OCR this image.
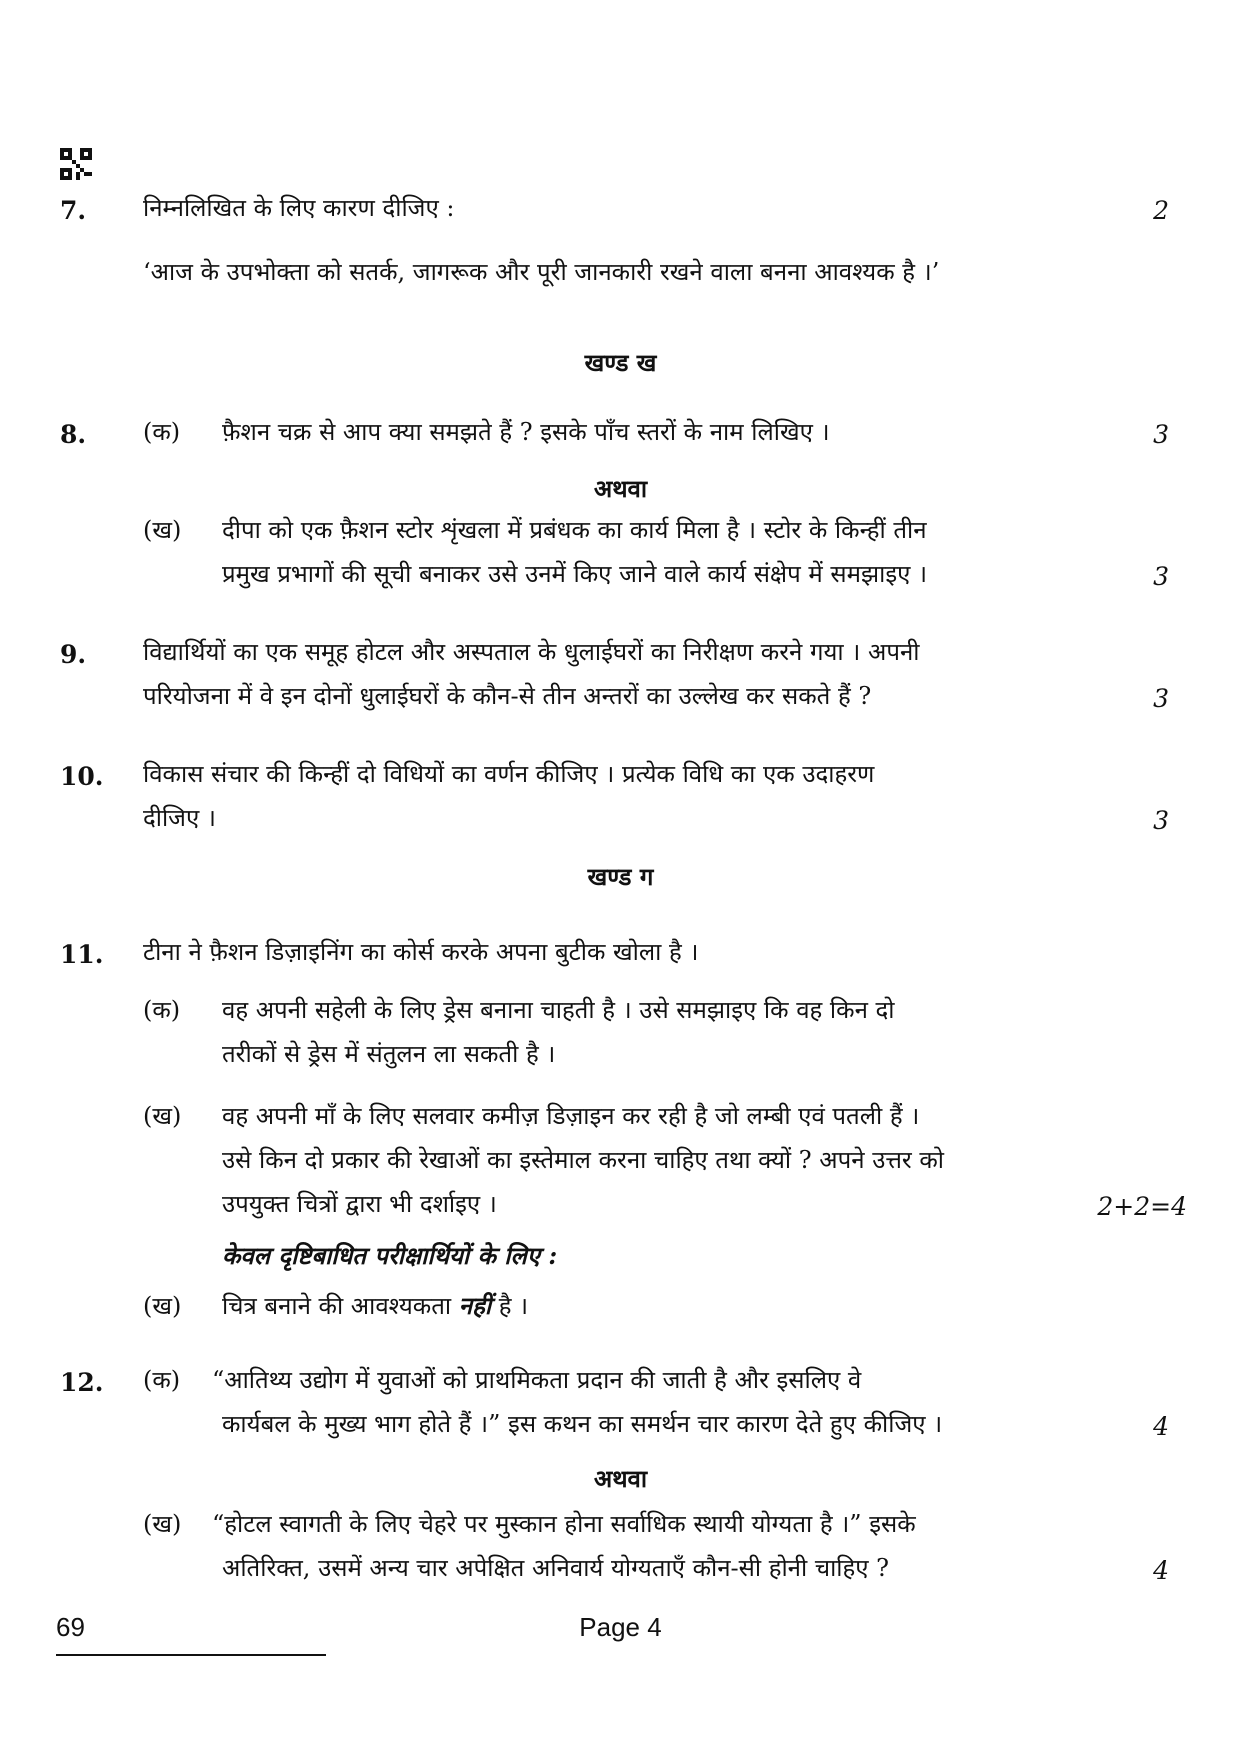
7. निम्नलिखित के लिए कारण दीजिए :	2
‘आज के उपभोक्ता को सतर्क, जागरूक और पूरी जानकारी रखने वाला बनना आवश्यक है ।’
खण्ड ख
8. (क) फ़ैशन चक्र से आप क्या समझते हैं ? इसके पाँच स्तरों के नाम लिखिए ।	3
अथवा
(ख) दीपा को एक फ़ैशन स्टोर शृंखला में प्रबंधक का कार्य मिला है । स्टोर के किन्हीं तीन
प्रमुख प्रभागों की सूची बनाकर उसे उनमें किए जाने वाले कार्य संक्षेप में समझाइए ।	3
9. विद्यार्थियों का एक समूह होटल और अस्पताल के धुलाईघरों का निरीक्षण करने गया । अपनी
परियोजना में वे इन दोनों धुलाईघरों के कौन-से तीन अन्तरों का उल्लेख कर सकते हैं ?	3
10. विकास संचार की किन्हीं दो विधियों का वर्णन कीजिए । प्रत्येक विधि का एक उदाहरण
दीजिए ।	3
खण्ड ग
11. टीना ने फ़ैशन डिज़ाइनिंग का कोर्स करके अपना बुटीक खोला है ।
(क) वह अपनी सहेली के लिए ड्रेस बनाना चाहती है । उसे समझाइए कि वह किन दो
तरीकों से ड्रेस में संतुलन ला सकती है ।
(ख) वह अपनी माँ के लिए सलवार कमीज़ डिज़ाइन कर रही है जो लम्बी एवं पतली हैं ।
उसे किन दो प्रकार की रेखाओं का इस्तेमाल करना चाहिए तथा क्यों ? अपने उत्तर को
उपयुक्त चित्रों द्वारा भी दर्शाइए ।	2+2=4
केवल दृष्टिबाधित परीक्षार्थियों के लिए :
(ख) चित्र बनाने की आवश्यकता नहीं है ।
12. (क) “आतिथ्य उद्योग में युवाओं को प्राथमिकता प्रदान की जाती है और इसलिए वे
कार्यबल के मुख्य भाग होते हैं ।” इस कथन का समर्थन चार कारण देते हुए कीजिए ।	4
अथवा
(ख) “होटल स्वागती के लिए चेहरे पर मुस्कान होना सर्वाधिक स्थायी योग्यता है ।” इसके
अतिरिक्त, उसमें अन्य चार अपेक्षित अनिवार्य योग्यताएँ कौन-सी होनी चाहिए ?	4
69	Page 4
